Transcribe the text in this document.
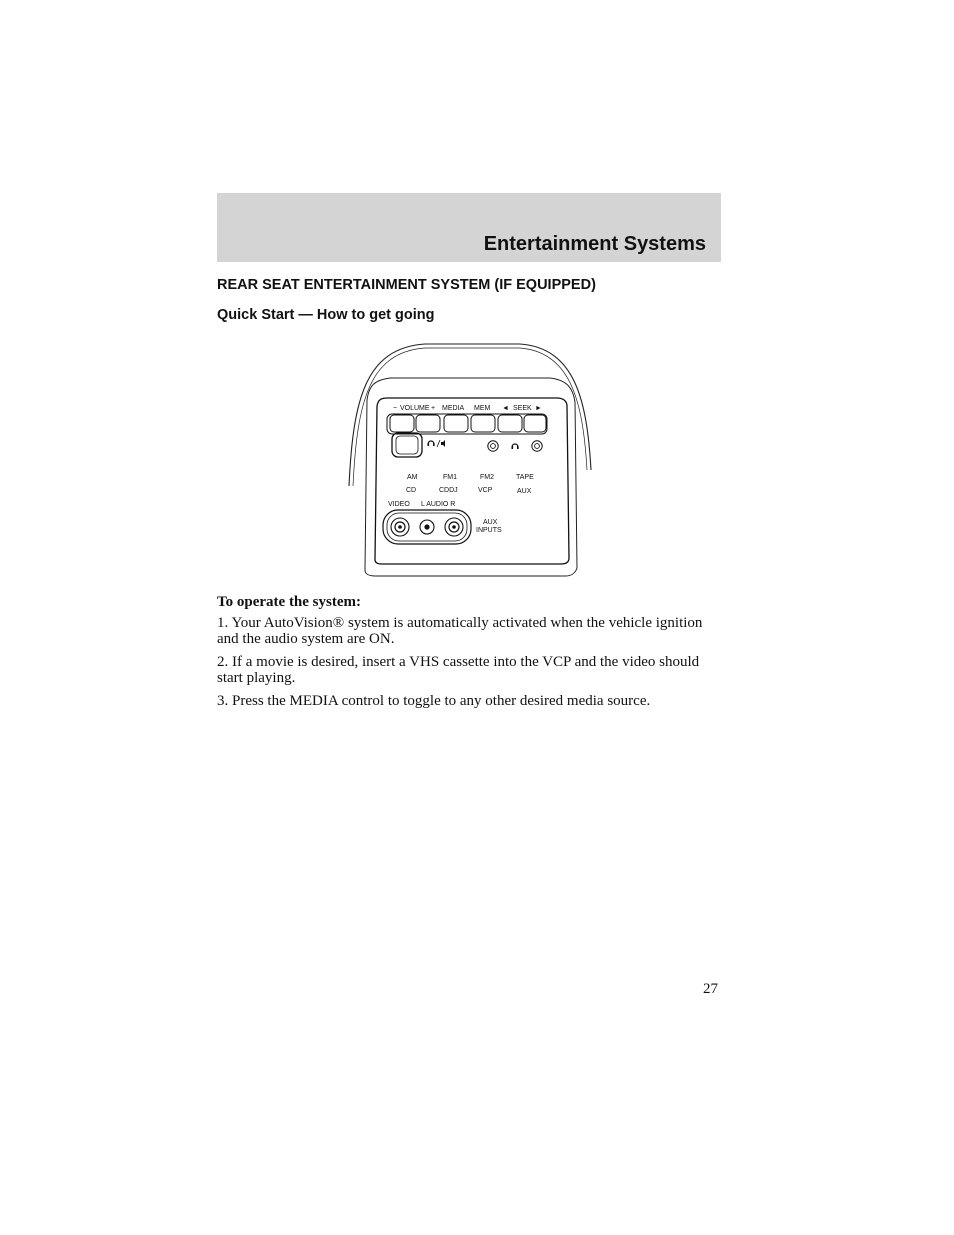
Entertainment Systems
REAR SEAT ENTERTAINMENT SYSTEM (IF EQUIPPED)
Quick Start — How to get going
− VOLUME + MEDIA MEM ◄ SEEK ►
AM
CD
FM1
CDDJ
FM2
VCP
TAPE
AUX
VIDEO L AUDIO R
AUX
INPUTS

To operate the system:

1. Your AutoVision® system is automatically activated when the vehicle ignition and the audio system are ON.

2. If a movie is desired, insert a VHS cassette into the VCP and the video should start playing.

3. Press the MEDIA control to toggle to any other desired media source.

27
